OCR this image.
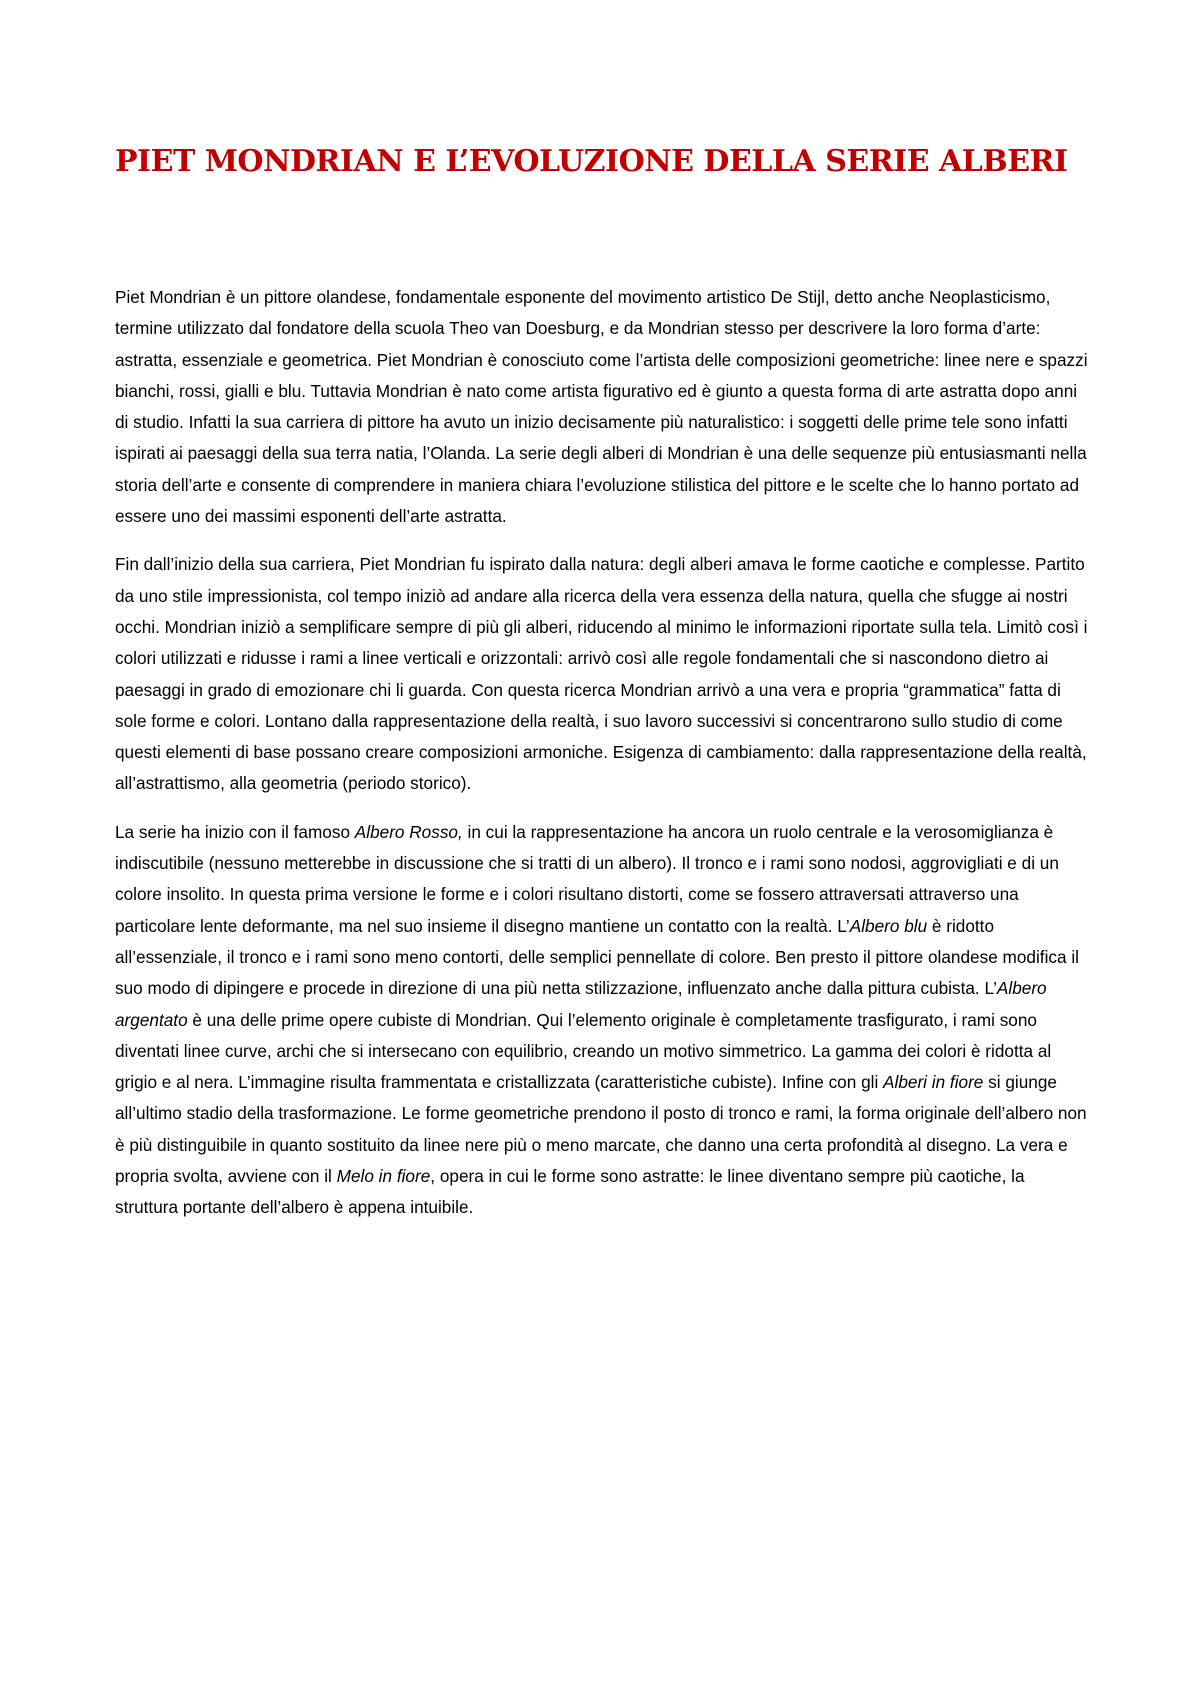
PIET MONDRIAN E L’EVOLUZIONE DELLA SERIE ALBERI

Piet Mondrian è un pittore olandese, fondamentale esponente del movimento artistico De Stijl, detto anche Neoplasticismo, termine utilizzato dal fondatore della scuola Theo van Doesburg, e da Mondrian stesso per descrivere la loro forma d’arte: astratta, essenziale e geometrica. Piet Mondrian è conosciuto come l’artista delle composizioni geometriche: linee nere e spazzi bianchi, rossi, gialli e blu. Tuttavia Mondrian è nato come artista figurativo ed è giunto a questa forma di arte astratta dopo anni di studio. Infatti la sua carriera di pittore ha avuto un inizio decisamente più naturalistico: i soggetti delle prime tele sono infatti ispirati ai paesaggi della sua terra natia, l’Olanda. La serie degli alberi di Mondrian è una delle sequenze più entusiasmanti nella storia dell’arte e consente di comprendere in maniera chiara l’evoluzione stilistica del pittore e le scelte che lo hanno portato ad essere uno dei massimi esponenti dell’arte astratta.

Fin dall’inizio della sua carriera, Piet Mondrian fu ispirato dalla natura: degli alberi amava le forme caotiche e complesse. Partito da uno stile impressionista, col tempo iniziò ad andare alla ricerca della vera essenza della natura, quella che sfugge ai nostri occhi. Mondrian iniziò a semplificare sempre di più gli alberi, riducendo al minimo le informazioni riportate sulla tela. Limitò così i colori utilizzati e ridusse i rami a linee verticali e orizzontali: arrivò così alle regole fondamentali che si nascondono dietro ai paesaggi in grado di emozionare chi li guarda. Con questa ricerca Mondrian arrivò a una vera e propria “grammatica” fatta di sole forme e colori. Lontano dalla rappresentazione della realtà, i suo lavoro successivi si concentrarono sullo studio di come questi elementi di base possano creare composizioni armoniche. Esigenza di cambiamento: dalla rappresentazione della realtà, all’astrattismo, alla geometria (periodo storico).

La serie ha inizio con il famoso Albero Rosso, in cui la rappresentazione ha ancora un ruolo centrale e la verosomiglianza è indiscutibile (nessuno metterebbe in discussione che si tratti di un albero). Il tronco e i rami sono nodosi, aggrovigliati e di un colore insolito. In questa prima versione le forme e i colori risultano distorti, come se fossero attraversati attraverso una particolare lente deformante, ma nel suo insieme il disegno mantiene un contatto con la realtà. L’Albero blu è ridotto all’essenziale, il tronco e i rami sono meno contorti, delle semplici pennellate di colore. Ben presto il pittore olandese modifica il suo modo di dipingere e procede in direzione di una più netta stilizzazione, influenzato anche dalla pittura cubista. L’Albero argentato è una delle prime opere cubiste di Mondrian. Qui l’elemento originale è completamente trasfigurato, i rami sono diventati linee curve, archi che si intersecano con equilibrio, creando un motivo simmetrico. La gamma dei colori è ridotta al grigio e al nera. L’immagine risulta frammentata e cristallizzata (caratteristiche cubiste). Infine con gli Alberi in fiore si giunge all’ultimo stadio della trasformazione. Le forme geometriche prendono il posto di tronco e rami, la forma originale dell’albero non è più distinguibile in quanto sostituito da linee nere più o meno marcate, che danno una certa profondità al disegno. La vera e propria svolta, avviene con il Melo in fiore, opera in cui le forme sono astratte: le linee diventano sempre più caotiche, la struttura portante dell’albero è appena intuibile.
